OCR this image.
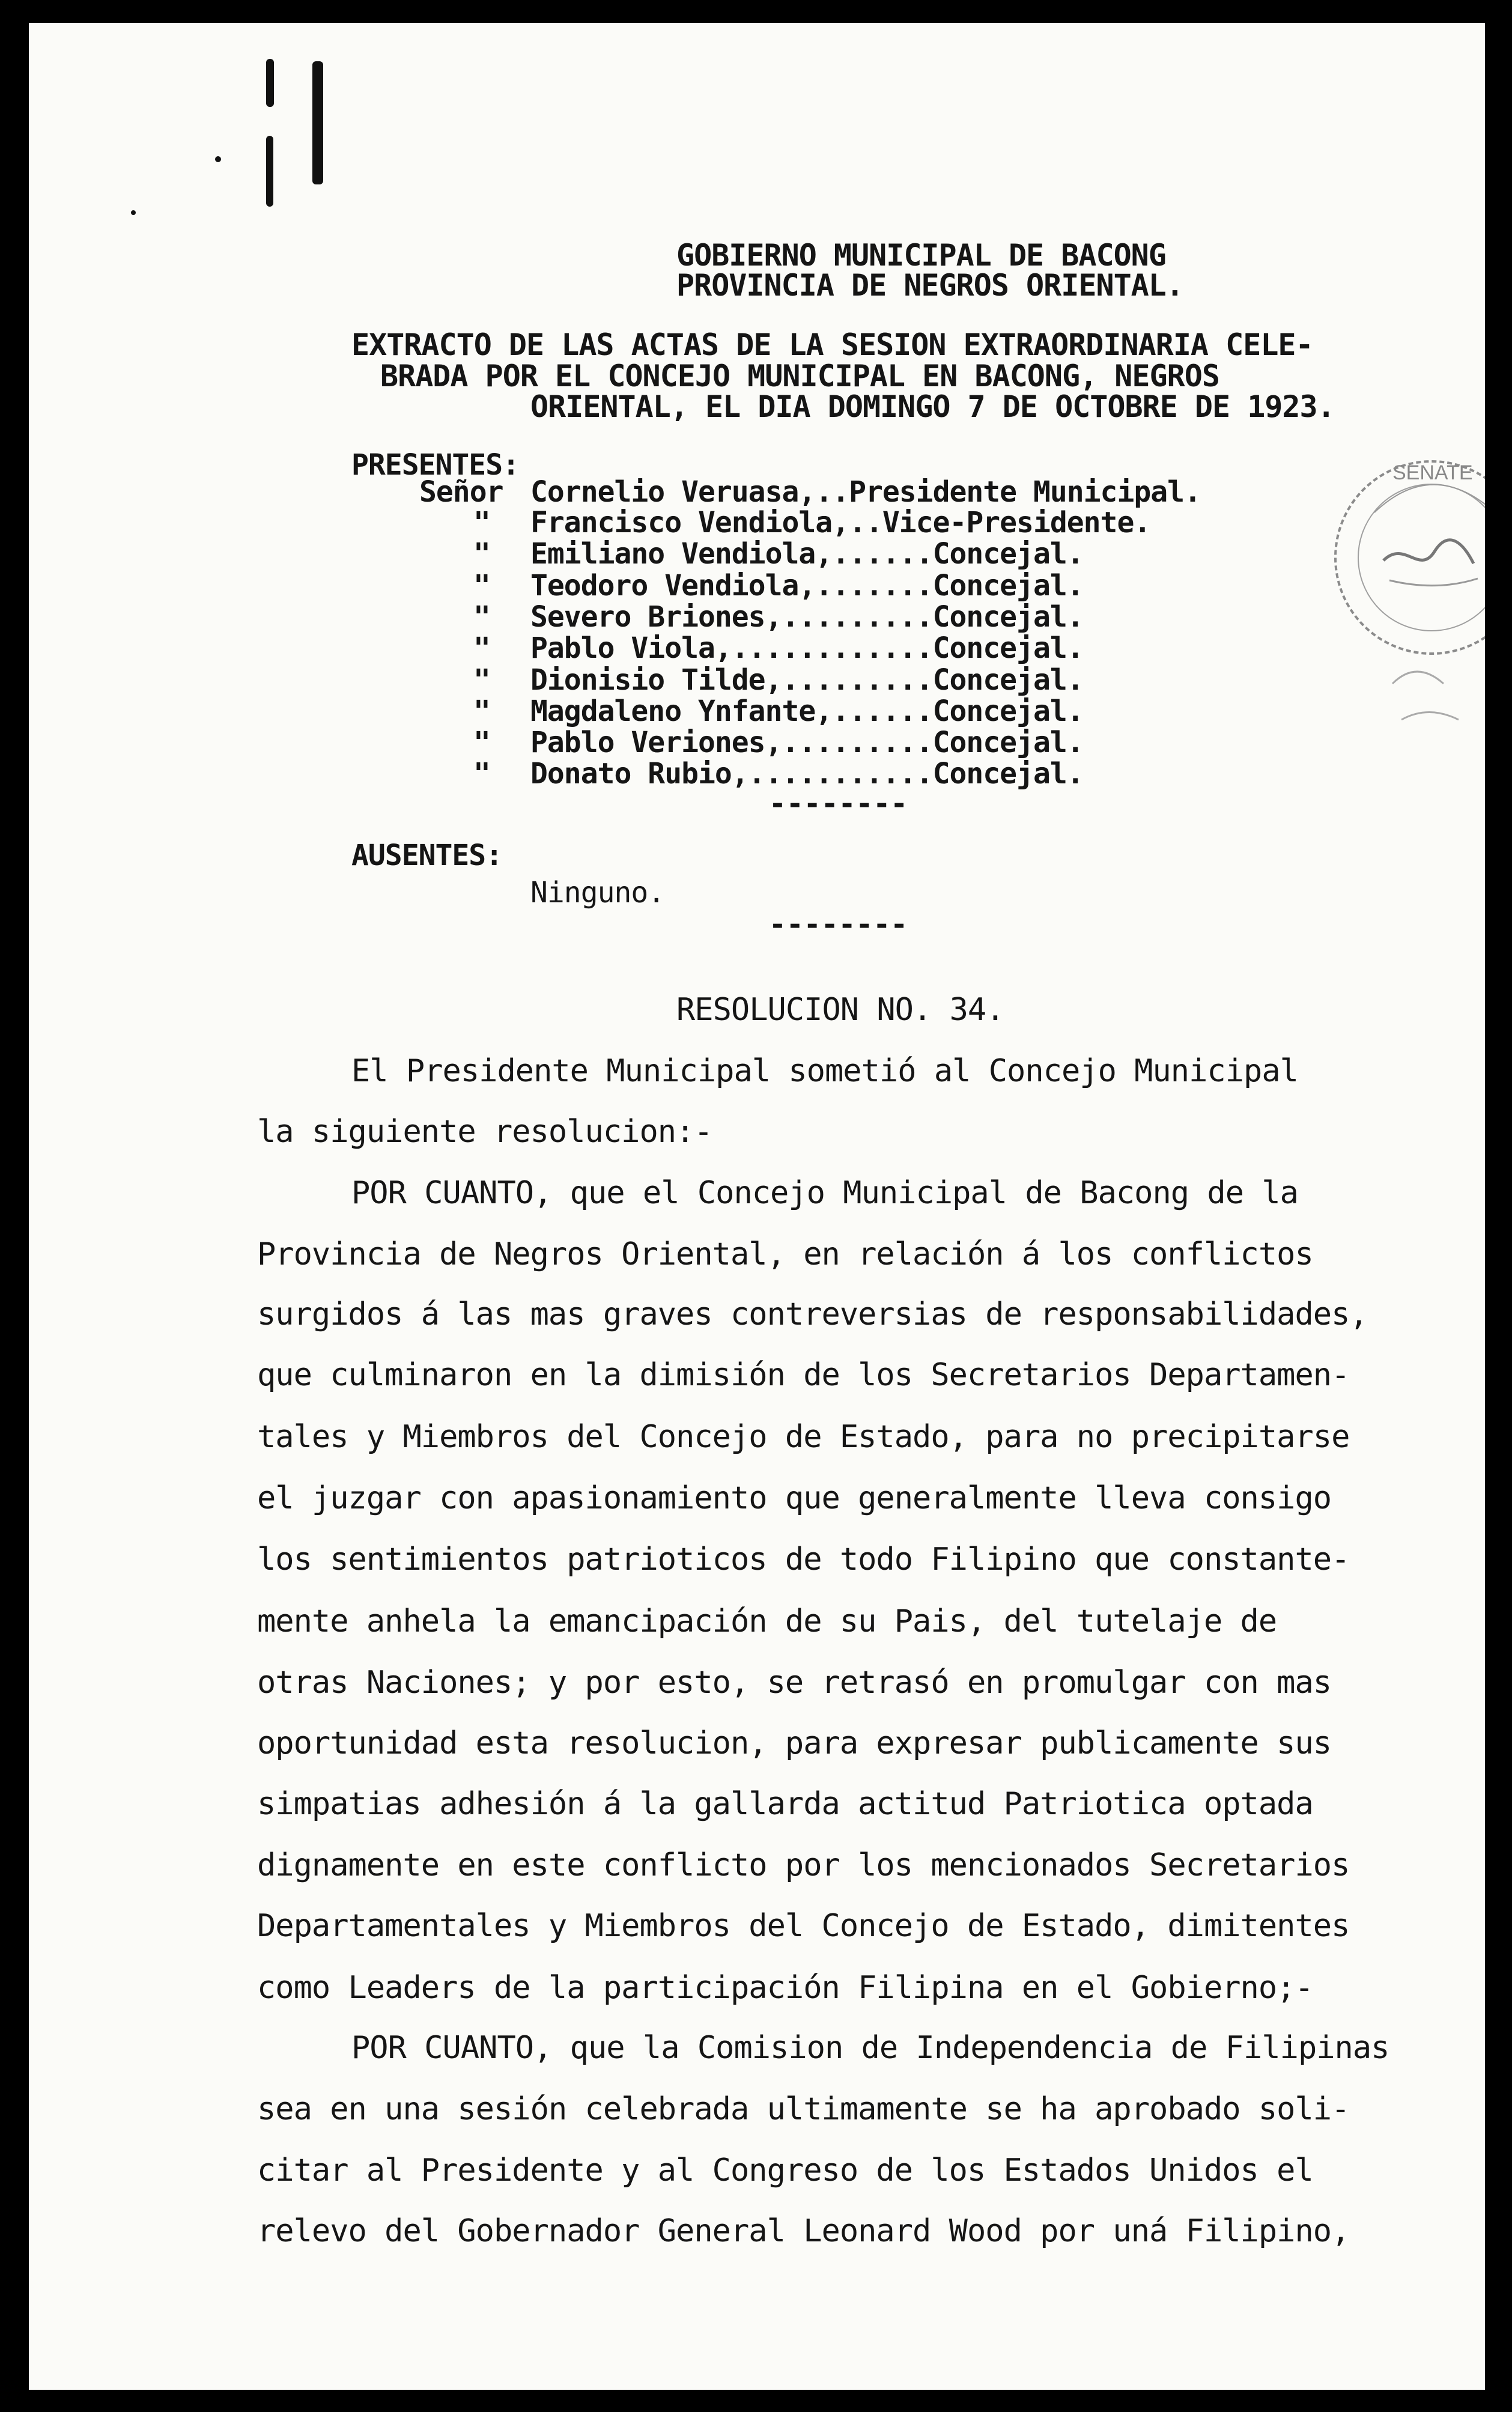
SENATE
GOBIERNO MUNICIPAL DE BACONG
PROVINCIA DE NEGROS ORIENTAL.
EXTRACTO DE LAS ACTAS DE LA SESION EXTRAORDINARIA CELE-
BRADA POR EL CONCEJO MUNICIPAL EN BACONG, NEGROS
ORIENTAL, EL DIA DOMINGO 7 DE OCTOBRE DE 1923.
PRESENTES:
Señor Cornelio Veruasa,..Presidente Municipal.
" Francisco Vendiola,..Vice-Presidente.
" Emiliano Vendiola,......Concejal.
" Teodoro Vendiola,.......Concejal.
" Severo Briones,.........Concejal.
" Pablo Viola,............Concejal.
" Dionisio Tilde,.........Concejal.
" Magdaleno Ynfante,......Concejal.
" Pablo Veriones,.........Concejal.
" Donato Rubio,...........Concejal.
--------
AUSENTES:
Ninguno.
--------
RESOLUCION NO. 34.
El Presidente Municipal sometió al Concejo Municipal
la siguiente resolucion:-
POR CUANTO, que el Concejo Municipal de Bacong de la
Provincia de Negros Oriental, en relación á los conflictos
surgidos á las mas graves contreversias de responsabilidades,
que culminaron en la dimisión de los Secretarios Departamen-
tales y Miembros del Concejo de Estado, para no precipitarse
el juzgar con apasionamiento que generalmente lleva consigo
los sentimientos patrioticos de todo Filipino que constante-
mente anhela la emancipación de su Pais, del tutelaje de
otras Naciones; y por esto, se retrasó en promulgar con mas
oportunidad esta resolucion, para expresar publicamente sus
simpatias adhesión á la gallarda actitud Patriotica optada
dignamente en este conflicto por los mencionados Secretarios
Departamentales y Miembros del Concejo de Estado, dimitentes
como Leaders de la participación Filipina en el Gobierno;-
POR CUANTO, que la Comision de Independencia de Filipinas
sea en una sesión celebrada ultimamente se ha aprobado soli-
citar al Presidente y al Congreso de los Estados Unidos el
relevo del Gobernador General Leonard Wood por uná Filipino,
